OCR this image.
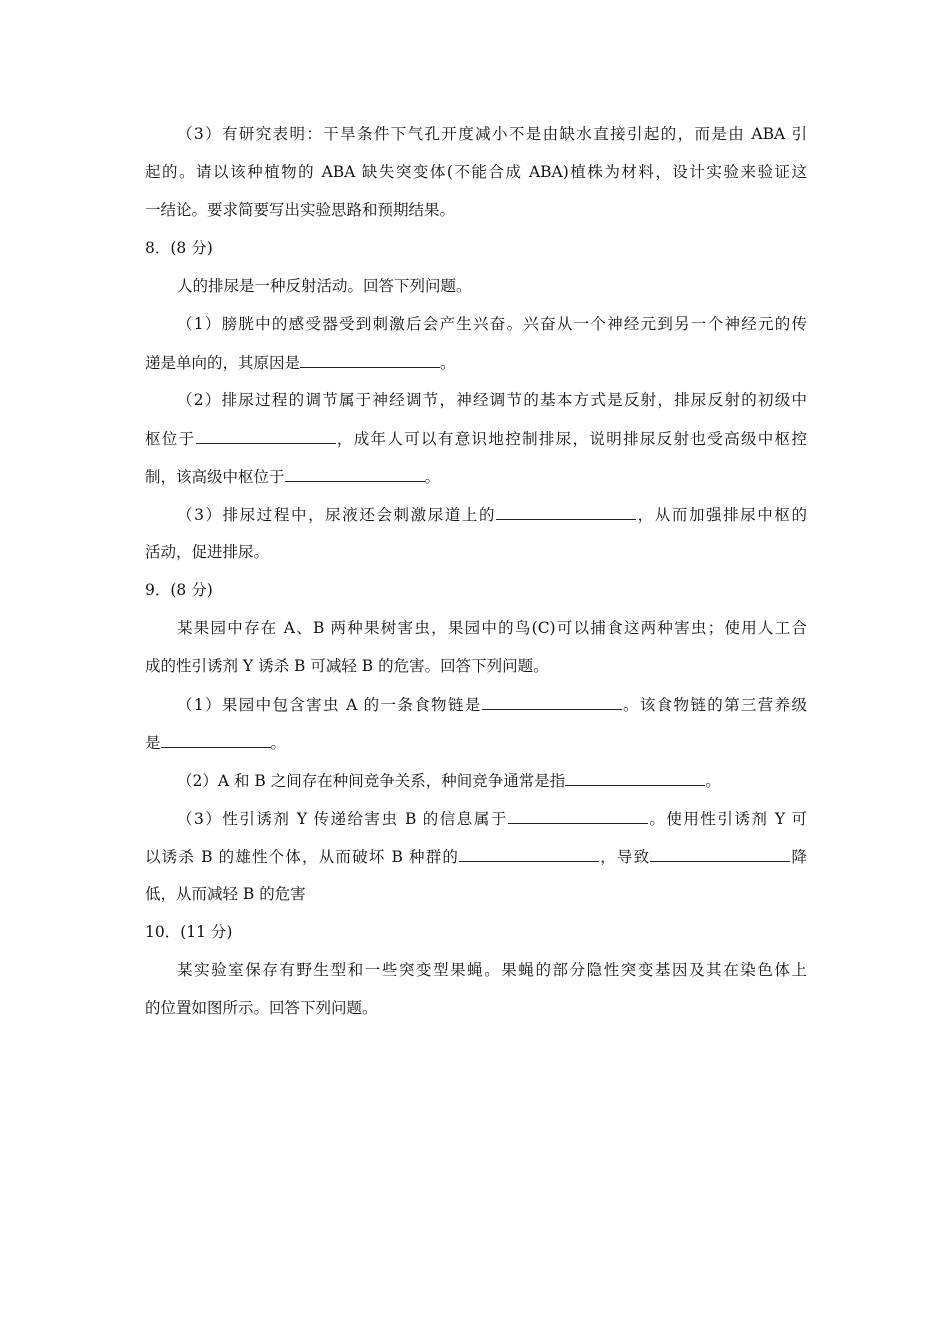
（3）有研究表明：干旱条件下气孔开度减小不是由缺水直接引起的，而是由 ABA 引
起的。请以该种植物的 ABA 缺失突变体(不能合成 ABA)植株为材料，设计实验来验证这
一结论。要求简要写出实验思路和预期结果。
8．(8 分)
人的排尿是一种反射活动。回答下列问题。
（1）膀胱中的感受器受到刺激后会产生兴奋。兴奋从一个神经元到另一个神经元的传
递是单向的，其原因是	。
（2）排尿过程的调节属于神经调节，神经调节的基本方式是反射，排尿反射的初级中
枢位于	，成年人可以有意识地控制排尿，说明排尿反射也受高级中枢控
制，该高级中枢位于	。
（3）排尿过程中，尿液还会刺激尿道上的	，从而加强排尿中枢的
活动，促进排尿。
9．(8 分)
某果园中存在 A、B 两种果树害虫，果园中的鸟(C)可以捕食这两种害虫；使用人工合
成的性引诱剂 Y 诱杀 B 可减轻 B 的危害。回答下列问题。
（1）果园中包含害虫 A 的一条食物链是	。该食物链的第三营养级
是	。
（2）A 和 B 之间存在种间竞争关系，种间竞争通常是指	。
（3）性引诱剂 Y 传递给害虫 B 的信息属于	。使用性引诱剂 Y 可
以诱杀 B 的雄性个体，从而破坏 B 种群的	，导致	降
低，从而减轻 B 的危害
10．(11 分)
某实验室保存有野生型和一些突变型果蝇。果蝇的部分隐性突变基因及其在染色体上
的位置如图所示。回答下列问题。
